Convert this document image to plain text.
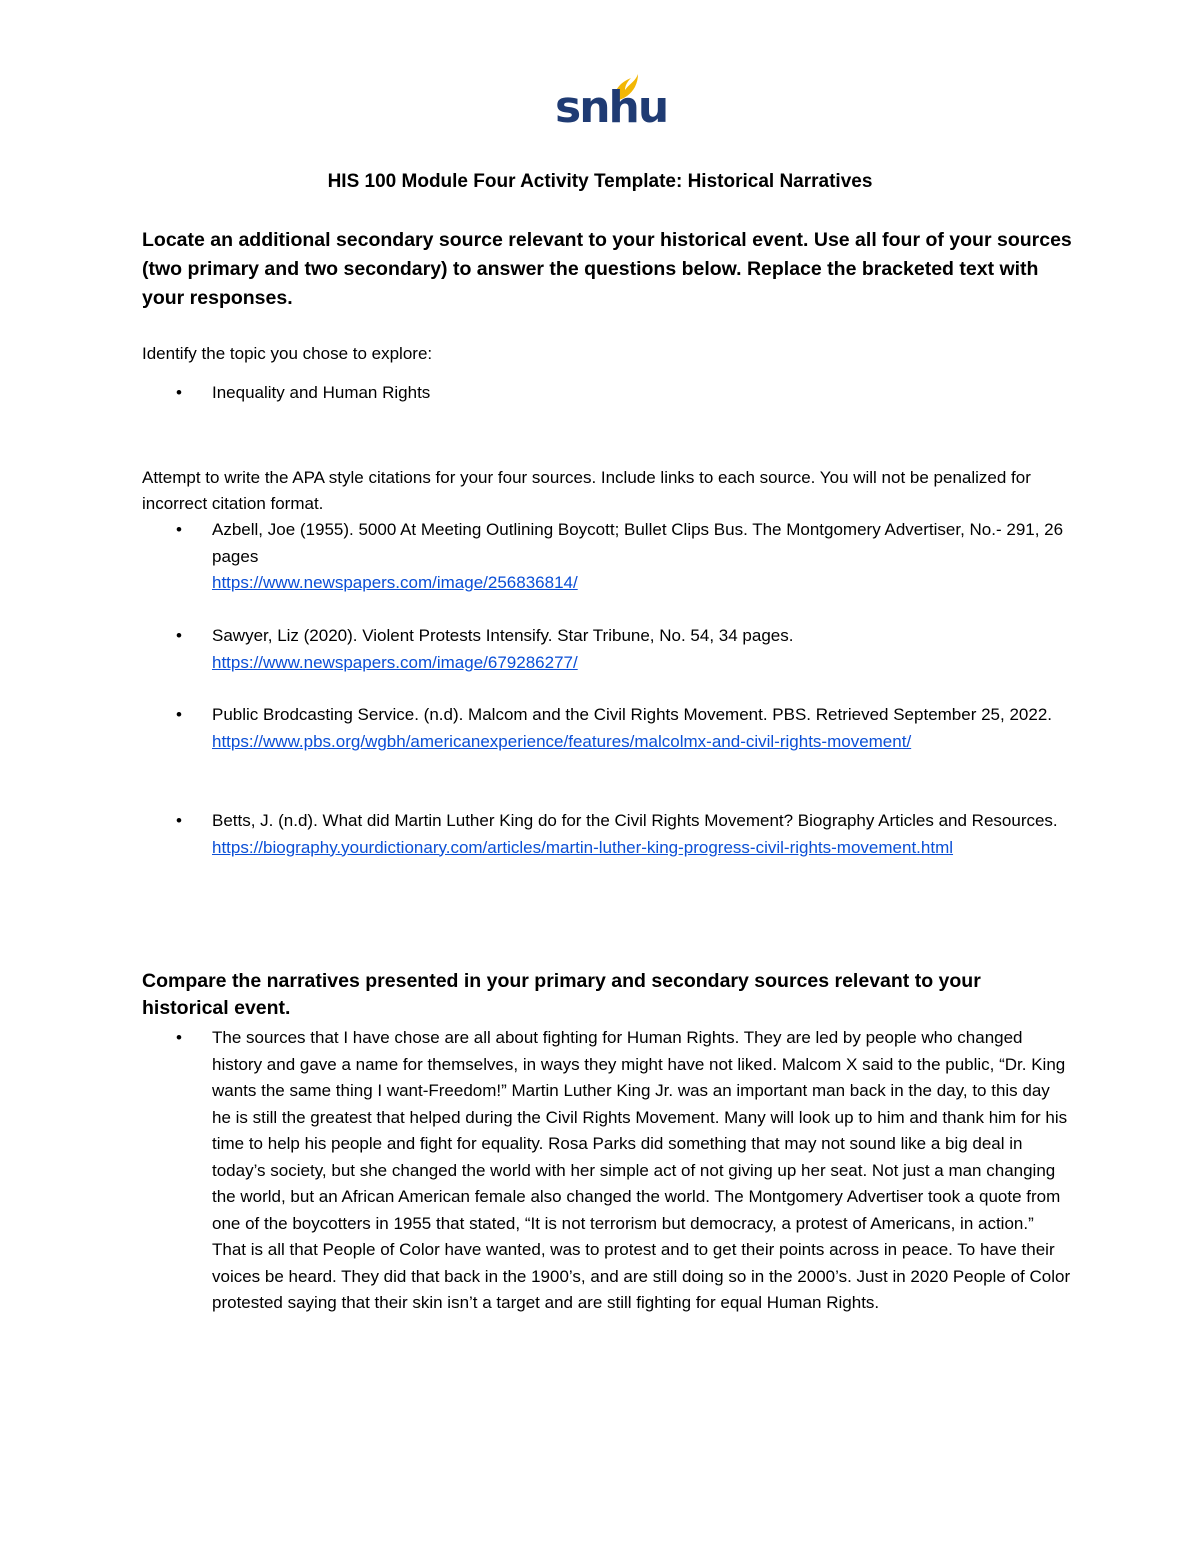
snhu
HIS 100 Module Four Activity Template: Historical Narratives

Locate an additional secondary source relevant to your historical event. Use all four of your sources (two primary and two secondary) to answer the questions below. Replace the bracketed text with your responses.

Identify the topic you chose to explore:

• Inequality and Human Rights

Attempt to write the APA style citations for your four sources. Include links to each source. You will not be penalized for incorrect citation format.

• Azbell, Joe (1955). 5000 At Meeting Outlining Boycott; Bullet Clips Bus. The Montgomery Advertiser, No.- 291, 26 pages
https://www.newspapers.com/image/256836814/
• Sawyer, Liz (2020). Violent Protests Intensify. Star Tribune, No. 54, 34 pages.
https://www.newspapers.com/image/679286277/
• Public Brodcasting Service. (n.d). Malcom and the Civil Rights Movement. PBS. Retrieved September 25, 2022.
https://www.pbs.org/wgbh/americanexperience/features/malcolmx-and-civil-rights-movement/
• Betts, J. (n.d). What did Martin Luther King do for the Civil Rights Movement? Biography Articles and Resources.
https://biography.yourdictionary.com/articles/martin-luther-king-progress-civil-rights-movement.html

Compare the narratives presented in your primary and secondary sources relevant to your historical event.

• The sources that I have chose are all about fighting for Human Rights. They are led by people who changed history and gave a name for themselves, in ways they might have not liked. Malcom X said to the public, “Dr. King wants the same thing I want-Freedom!” Martin Luther King Jr. was an important man back in the day, to this day he is still the greatest that helped during the Civil Rights Movement. Many will look up to him and thank him for his time to help his people and fight for equality. Rosa Parks did something that may not sound like a big deal in today’s society, but she changed the world with her simple act of not giving up her seat. Not just a man changing the world, but an African American female also changed the world. The Montgomery Advertiser took a quote from one of the boycotters in 1955 that stated, “It is not terrorism but democracy, a protest of Americans, in action.” That is all that People of Color have wanted, was to protest and to get their points across in peace. To have their voices be heard. They did that back in the 1900’s, and are still doing so in the 2000’s. Just in 2020 People of Color protested saying that their skin isn’t a target and are still fighting for equal Human Rights.
